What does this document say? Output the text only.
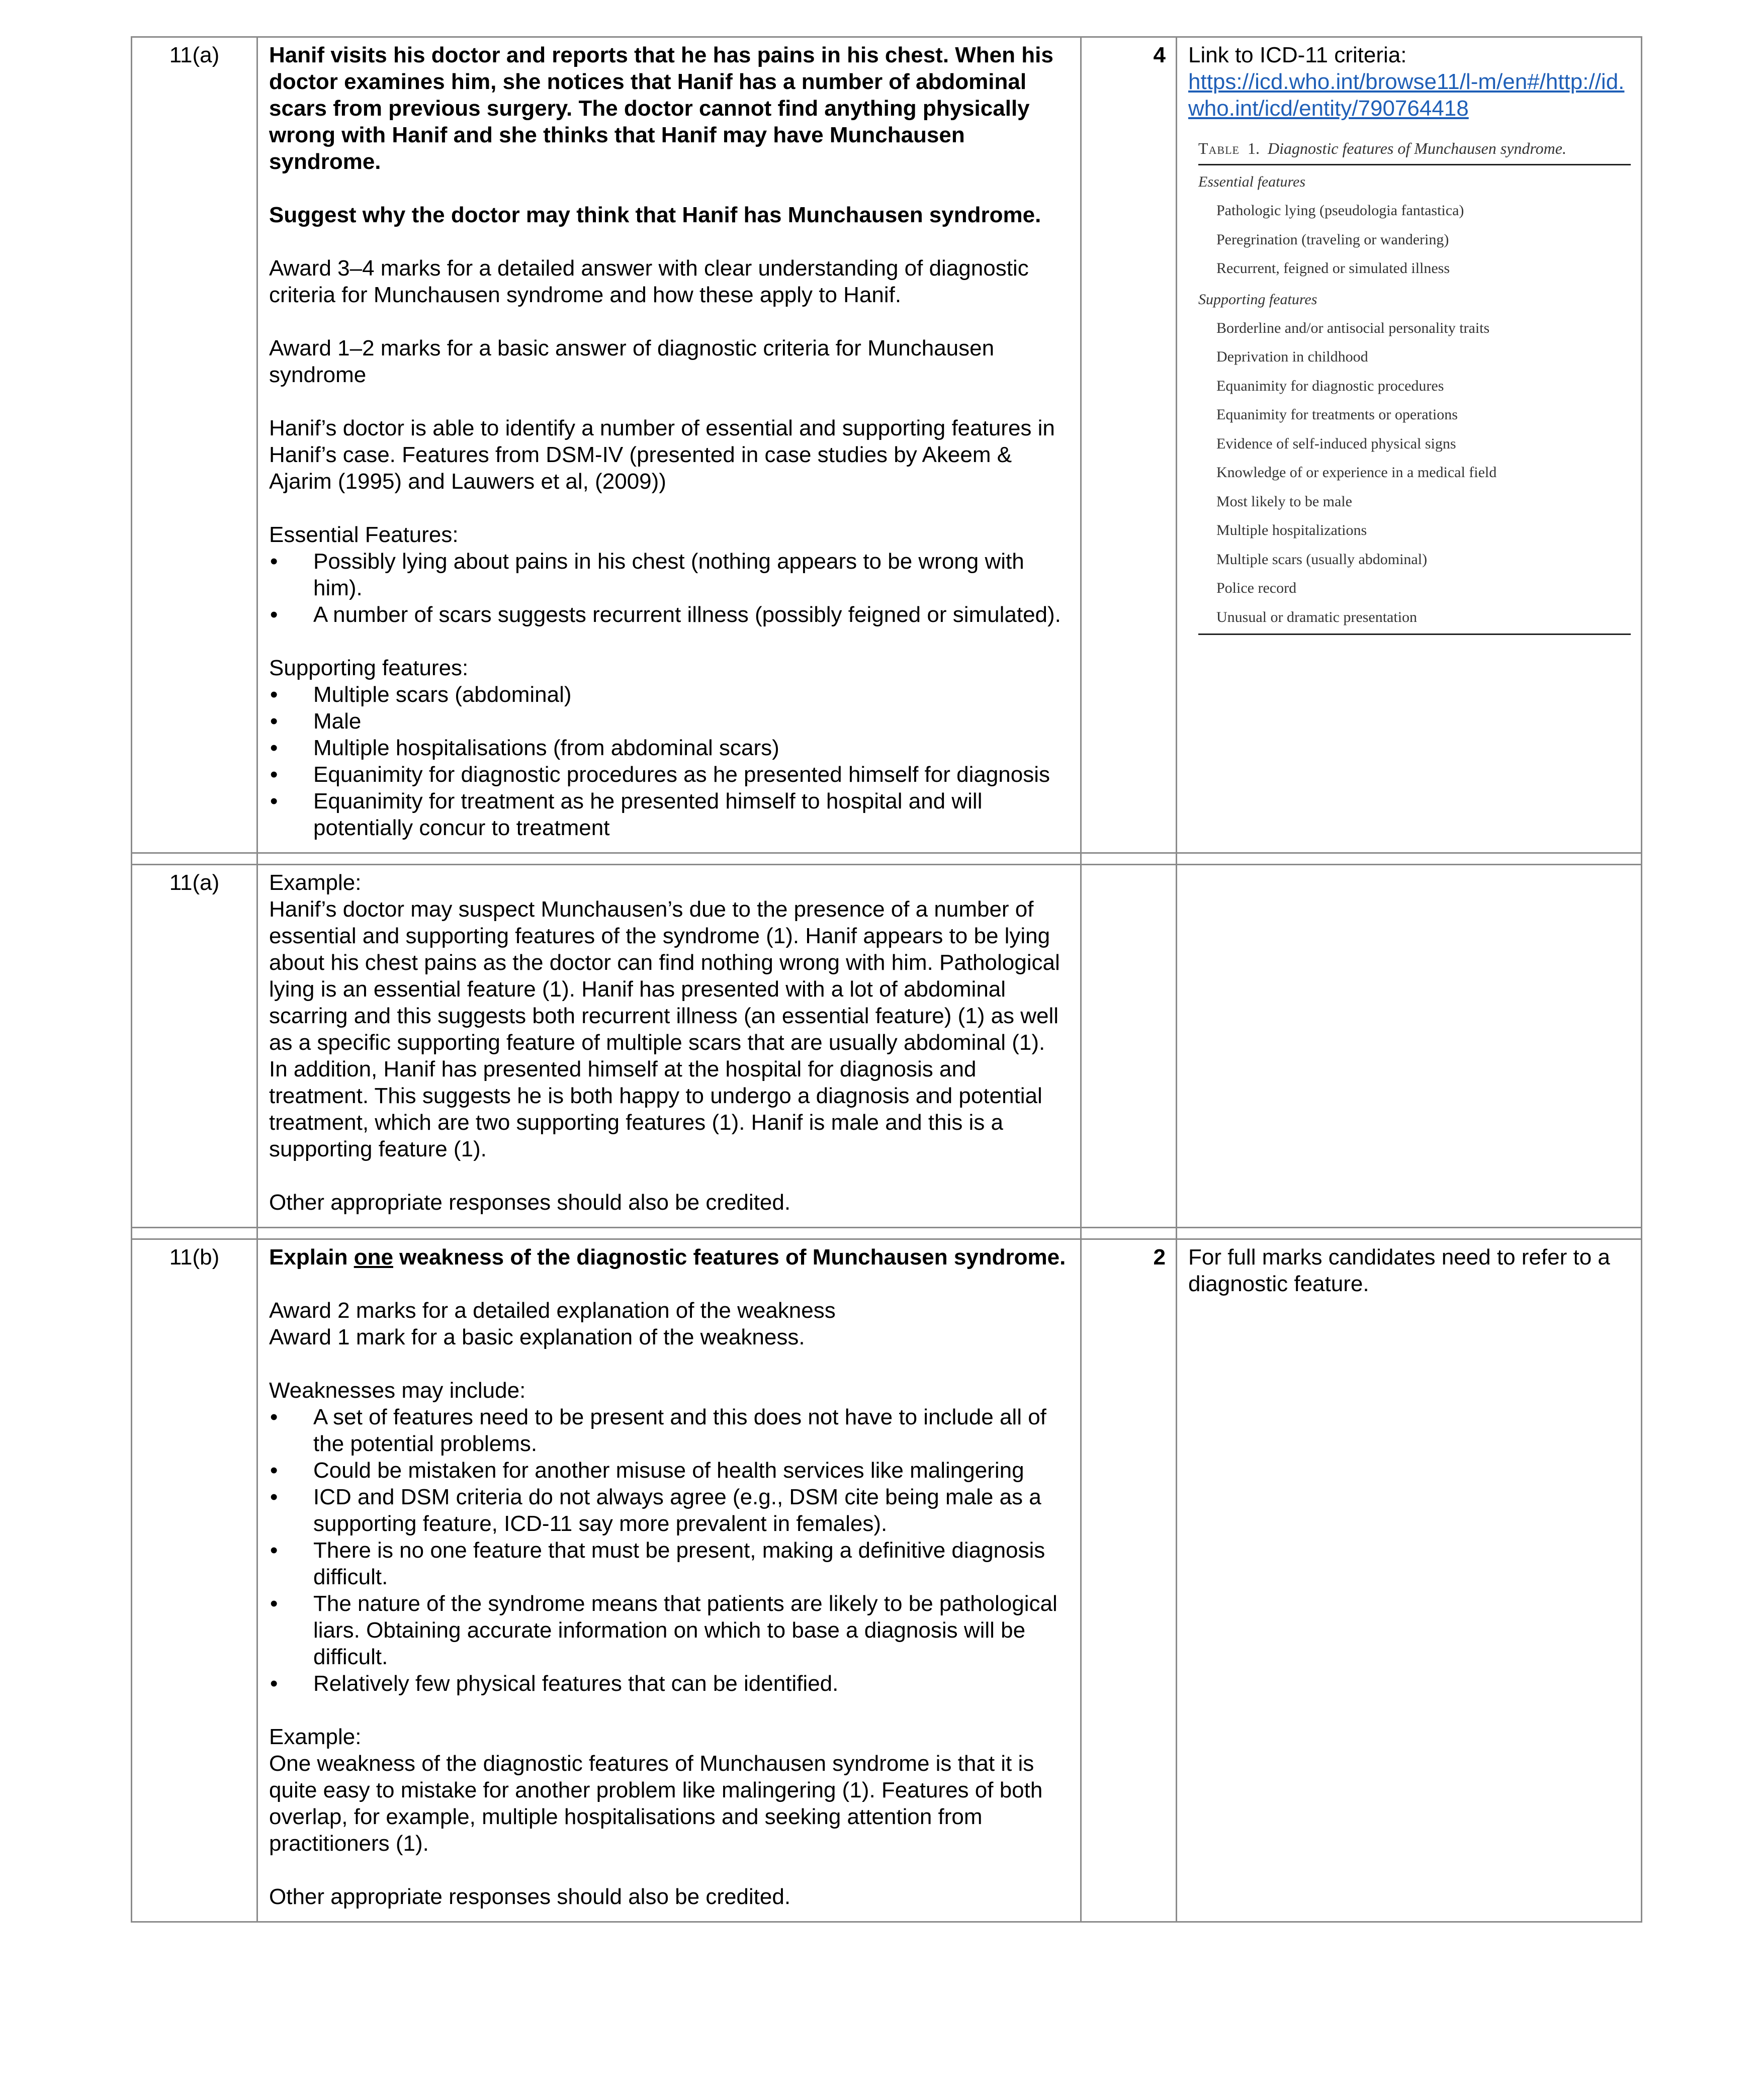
11(a)	Hanif visits his doctor and reports that he has pains in his chest. When his doctor examines him, she notices that Hanif has a number of abdominal scars from previous surgery. The doctor cannot find anything physically wrong with Hanif and she thinks that Hanif may have Munchausen syndrome.

Suggest why the doctor may think that Hanif has Munchausen syndrome.

Award 3–4 marks for a detailed answer with clear understanding of diagnostic criteria for Munchausen syndrome and how these apply to Hanif.

Award 1–2 marks for a basic answer of diagnostic criteria for Munchausen syndrome

Hanif’s doctor is able to identify a number of essential and supporting features in Hanif’s case. Features from DSM-IV (presented in case studies by Akeem & Ajarim (1995) and Lauwers et al, (2009))

Essential Features:

• Possibly lying about pains in his chest (nothing appears to be wrong with him).
• A number of scars suggests recurrent illness (possibly feigned or simulated).

Supporting features:

• Multiple scars (abdominal)
• Male
• Multiple hospitalisations (from abdominal scars)
• Equanimity for diagnostic procedures as he presented himself for diagnosis
• Equanimity for treatment as he presented himself to hospital and will potentially concur to treatment
4	Link to ICD-11 criteria:
https://icd.who.int/browse11/l-m/en#/http://id.who.int/icd/entity/790764418
Table 1. Diagnostic features of Munchausen syndrome.
Essential features
Pathologic lying (pseudologia fantastica)
Peregrination (traveling or wandering)
Recurrent, feigned or simulated illness
Supporting features
Borderline and/or antisocial personality traits
Deprivation in childhood
Equanimity for diagnostic procedures
Equanimity for treatments or operations
Evidence of self-induced physical signs
Knowledge of or experience in a medical field
Most likely to be male
Multiple hospitalizations
Multiple scars (usually abdominal)
Police record
Unusual or dramatic presentation
11(a)	Example:

Hanif’s doctor may suspect Munchausen’s due to the presence of a number of essential and supporting features of the syndrome (1). Hanif appears to be lying about his chest pains as the doctor can find nothing wrong with him. Pathological lying is an essential feature (1). Hanif has presented with a lot of abdominal scarring and this suggests both recurrent illness (an essential feature) (1) as well as a specific supporting feature of multiple scars that are usually abdominal (1). In addition, Hanif has presented himself at the hospital for diagnosis and treatment. This suggests he is both happy to undergo a diagnosis and potential treatment, which are two supporting features (1). Hanif is male and this is a supporting feature (1).

Other appropriate responses should also be credited.

11(b)	Explain one weakness of the diagnostic features of Munchausen syndrome.

Award 2 marks for a detailed explanation of the weakness

Award 1 mark for a basic explanation of the weakness.

Weaknesses may include:

• A set of features need to be present and this does not have to include all of the potential problems.
• Could be mistaken for another misuse of health services like malingering
• ICD and DSM criteria do not always agree (e.g., DSM cite being male as a supporting feature, ICD-11 say more prevalent in females).
• There is no one feature that must be present, making a definitive diagnosis difficult.
• The nature of the syndrome means that patients are likely to be pathological liars. Obtaining accurate information on which to base a diagnosis will be difficult.
• Relatively few physical features that can be identified.

Example:

One weakness of the diagnostic features of Munchausen syndrome is that it is quite easy to mistake for another problem like malingering (1). Features of both overlap, for example, multiple hospitalisations and seeking attention from practitioners (1).

Other appropriate responses should also be credited.

2	For full marks candidates need to refer to a diagnostic feature.
